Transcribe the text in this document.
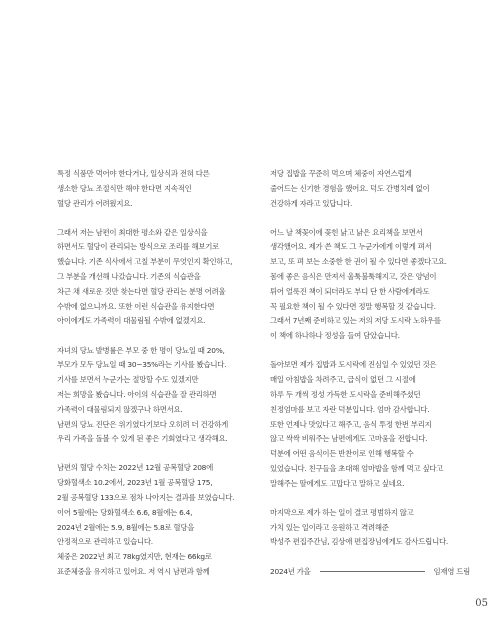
특정 식품만 먹어야 한다거나, 일상식과 전혀 다른
생소한 당뇨 조절식만 해야 한다면 지속적인
혈당 관리가 어려웠지요.
그래서 저는 남편이 최대한 평소와 같은 일상식을
하면서도 혈당이 관리되는 방식으로 조리를 해보기로
했습니다. 기존 식사에서 고칠 부분이 무엇인지 확인하고,
그 부분을 개선해 나갔습니다. 기존의 식습관을
차근 채 새로운 것만 찾는다면 혈당 관리는 분명 어려울
수밖에 없으니까요. 또한 이런 식습관을 유지한다면
아이에게도 가족력이 대물림될 수밖에 없겠지요.
자녀의 당뇨 발병률은 부모 중 한 명이 당뇨일 때 20%,
부모가 모두 당뇨일 때 30~35%라는 기사를 봤습니다.
기사를 보면서 누군가는 절망할 수도 있겠지만
저는 희망을 봤습니다. 아이의 식습관을 잘 관리하면
가족력이 대물림되지 않겠구나 하면서요.
남편의 당뇨 진단은 위기였다기보다 오히려 더 건강하게
우리 가족을 돌볼 수 있게 된 좋은 기회였다고 생각해요.
남편의 혈당 수치는 2022년 12월 공복혈당 208에
당화혈색소 10.2에서, 2023년 1월 공복혈당 175,
2월 공복혈당 133으로 점차 나아지는 결과를 보였습니다.
이어 5월에는 당화혈색소 6.6, 8월에는 6.4,
2024년 2월에는 5.9, 8월에는 5.8로 혈당을
안정적으로 관리하고 있습니다.
체중은 2022년 최고 78kg였지만, 현재는 66kg로
표준체중을 유지하고 있어요. 저 역시 남편과 함께
저당 집밥을 꾸준히 먹으며 체중이 자연스럽게
줄어드는 신기한 경험을 했어요. 덕도 간병치레 없이
건강하게 자라고 있답니다.
어느 날 책꽂이에 꽂힌 낡고 낡은 요리책을 보면서
생각했어요. 제가 쓴 책도 그 누군가에게 이렇게 펴서
보고, 또 펴 보는 소중한 한 권이 될 수 있다면 좋겠다고요.
몸에 좋은 음식은 만져서 울툭불툭해지고, 갓은 양념이
튀어 얼룩진 책이 되더라도 부디 단 한 사람에게라도
꼭 필요한 책이 될 수 있다면 정말 행복할 것 같습니다.
그래서 7년째 준비하고 있는 저의 저당 도시락 노하우를
이 책에 하나하나 정성을 들여 담았습니다.
돌아보면 제가 집밥과 도시락에 진심일 수 있었던 것은
매일 아침밥을 차려주고, 급식이 없던 그 시절에
하루 두 개씩 정성 가득한 도시락을 준비해주셨던
친정엄마를 보고 자란 덕분입니다. 엄마 감사합니다.
또한 언제나 맛있다고 해주고, 음식 투정 한번 부리지
않고 싹싹 비워주는 남편에게도 고마움을 전합니다.
덕분에 어떤 음식이든 반찬이로 인해 행복할 수
있었습니다. 친구들을 초대해 엄마밥을 함께 먹고 싶다고
말해주는 딸에게도 고맙다고 말하고 싶네요.
마지막으로 제가 하는 일이 결코 평범하지 않고
가치 있는 일이라고 응원하고 격려해준
박성주 편집주간님, 김상애 편집장님에게도 감사드립니다.
2024년 가을	임재영 드림
05
